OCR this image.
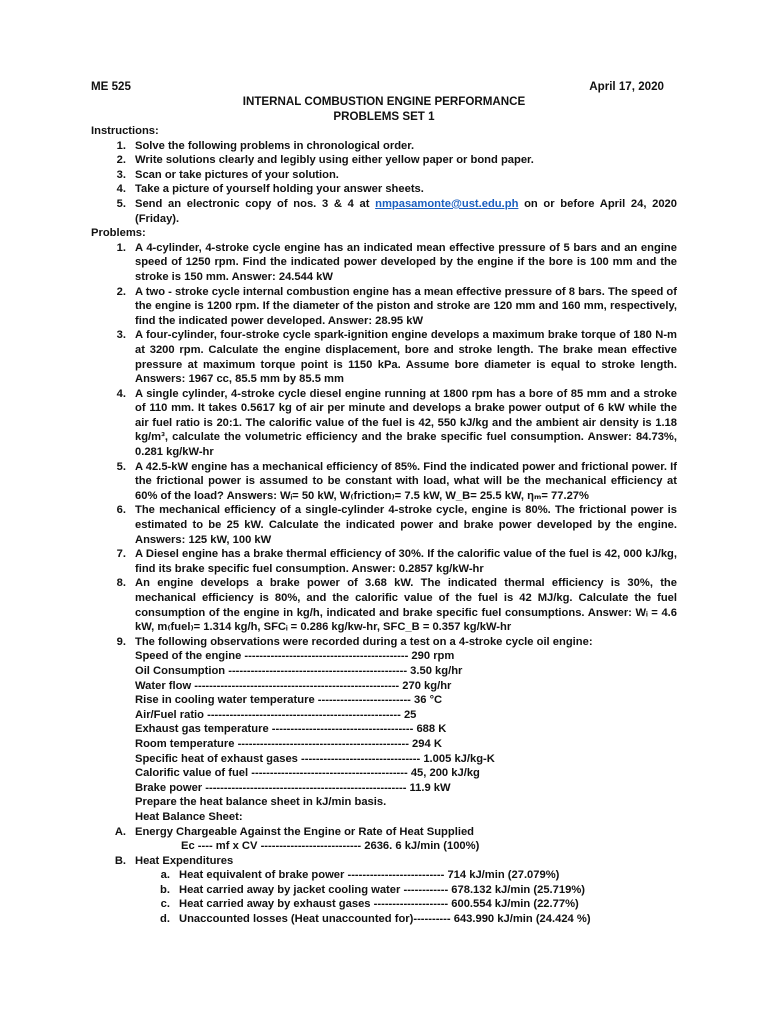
ME 525	April 17, 2020
INTERNAL COMBUSTION ENGINE PERFORMANCE
PROBLEMS SET 1
Instructions:
1. Solve the following problems in chronological order.
2. Write solutions clearly and legibly using either yellow paper or bond paper.
3. Scan or take pictures of your solution.
4. Take a picture of yourself holding your answer sheets.
5. Send an electronic copy of nos. 3 & 4 at nmpasamonte@ust.edu.ph on or before April 24, 2020 (Friday).
Problems:
1. A 4-cylinder, 4-stroke cycle engine has an indicated mean effective pressure of 5 bars and an engine speed of 1250 rpm. Find the indicated power developed by the engine if the bore is 100 mm and the stroke is 150 mm. Answer: 24.544 kW
2. A two - stroke cycle internal combustion engine has a mean effective pressure of 8 bars. The speed of the engine is 1200 rpm. If the diameter of the piston and stroke are 120 mm and 160 mm, respectively, find the indicated power developed. Answer: 28.95 kW
3. A four-cylinder, four-stroke cycle spark-ignition engine develops a maximum brake torque of 180 N-m at 3200 rpm. Calculate the engine displacement, bore and stroke length. The brake mean effective pressure at maximum torque point is 1150 kPa. Assume bore diameter is equal to stroke length. Answers: 1967 cc, 85.5 mm by 85.5 mm
4. A single cylinder, 4-stroke cycle diesel engine running at 1800 rpm has a bore of 85 mm and a stroke of 110 mm. It takes 0.5617 kg of air per minute and develops a brake power output of 6 kW while the air fuel ratio is 20:1. The calorific value of the fuel is 42, 550 kJ/kg and the ambient air density is 1.18 kg/m³, calculate the volumetric efficiency and the brake specific fuel consumption. Answer: 84.73%, 0.281 kg/kW-hr
5. A 42.5-kW engine has a mechanical efficiency of 85%. Find the indicated power and frictional power. If the frictional power is assumed to be constant with load, what will be the mechanical efficiency at 60% of the load? Answers: Wᵢ= 50 kW, W₍friction₎= 7.5 kW, W_B= 25.5 kW, ηₘ= 77.27%
6. The mechanical efficiency of a single-cylinder 4-stroke cycle, engine is 80%. The frictional power is estimated to be 25 kW. Calculate the indicated power and brake power developed by the engine. Answers: 125 kW, 100 kW
7. A Diesel engine has a brake thermal efficiency of 30%. If the calorific value of the fuel is 42, 000 kJ/kg, find its brake specific fuel consumption. Answer: 0.2857 kg/kW-hr
8. An engine develops a brake power of 3.68 kW. The indicated thermal efficiency is 30%, the mechanical efficiency is 80%, and the calorific value of the fuel is 42 MJ/kg. Calculate the fuel consumption of the engine in kg/h, indicated and brake specific fuel consumptions. Answer: Wᵢ = 4.6 kW, m₍fuel₎= 1.314 kg/h, SFCᵢ = 0.286 kg/kw-hr, SFC_B = 0.357 kg/kW-hr
9. The following observations were recorded during a test on a 4-stroke cycle oil engine:
Speed of the engine -------------------------------------------- 290 rpm
Oil Consumption ------------------------------------------------ 3.50 kg/hr
Water flow ------------------------------------------------------- 270 kg/hr
Rise in cooling water temperature ------------------------- 36 °C
Air/Fuel ratio ---------------------------------------------------- 25
Exhaust gas temperature -------------------------------------- 688 K
Room temperature ---------------------------------------------- 294 K
Specific heat of exhaust gases -------------------------------- 1.005 kJ/kg-K
Calorific value of fuel ------------------------------------------ 45, 200 kJ/kg
Brake power ------------------------------------------------------ 11.9 kW
Prepare the heat balance sheet in kJ/min basis.
Heat Balance Sheet:
A. Energy Chargeable Against the Engine or Rate of Heat Supplied
Ec ---- mf x CV --------------------------- 2636. 6 kJ/min (100%)
B. Heat Expenditures
a. Heat equivalent of brake power -------------------------- 714 kJ/min (27.079%)
b. Heat carried away by jacket cooling water ------------ 678.132 kJ/min (25.719%)
c. Heat carried away by exhaust gases -------------------- 600.554 kJ/min (22.77%)
d. Unaccounted losses (Heat unaccounted for)---------- 643.990 kJ/min (24.424 %)
